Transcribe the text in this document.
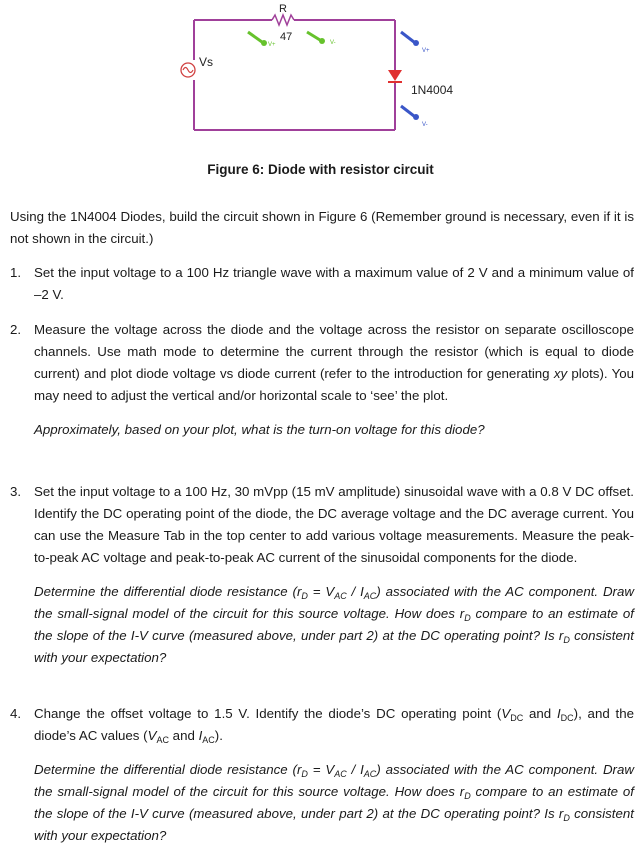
R
47
Vs
V+	V-
V+
V-
1N4004
Figure 6: Diode with resistor circuit
Using the 1N4004 Diodes, build the circuit shown in Figure 6 (Remember ground is necessary, even if it is not shown in the circuit.)
1. Set the input voltage to a 100 Hz triangle wave with a maximum value of 2 V and a minimum value of –2 V.
2. Measure the voltage across the diode and the voltage across the resistor on separate oscilloscope channels. Use math mode to determine the current through the resistor (which is equal to diode current) and plot diode voltage vs diode current (refer to the introduction for generating xy plots). You may need to adjust the vertical and/or horizontal scale to ‘see’ the plot.
Approximately, based on your plot, what is the turn-on voltage for this diode?
3. Set the input voltage to a 100 Hz, 30 mVpp (15 mV amplitude) sinusoidal wave with a 0.8 V DC offset. Identify the DC operating point of the diode, the DC average voltage and the DC average current. You can use the Measure Tab in the top center to add various voltage measurements. Measure the peak-to-peak AC voltage and peak-to-peak AC current of the sinusoidal components for the diode.
Determine the differential diode resistance $(r_D = V_{AC} / I_{AC})$ associated with the AC component. Draw the small-signal model of the circuit for this source voltage. How does $r_D$ compare to an estimate of the slope of the I-V curve (measured above, under part 2) at the DC operating point? Is $r_D$ consistent with your expectation?
4. Change the offset voltage to 1.5 V. Identify the diode’s DC operating point ($V_{DC}$ and $I_{DC}$), and the diode’s AC values ($V_{AC}$ and $I_{AC}$).
Determine the differential diode resistance $(r_D = V_{AC} / I_{AC})$ associated with the AC component. Draw the small-signal model of the circuit for this source voltage. How does $r_D$ compare to an estimate of the slope of the I-V curve (measured above, under part 2) at the DC operating point? Is $r_D$ consistent with your expectation?
